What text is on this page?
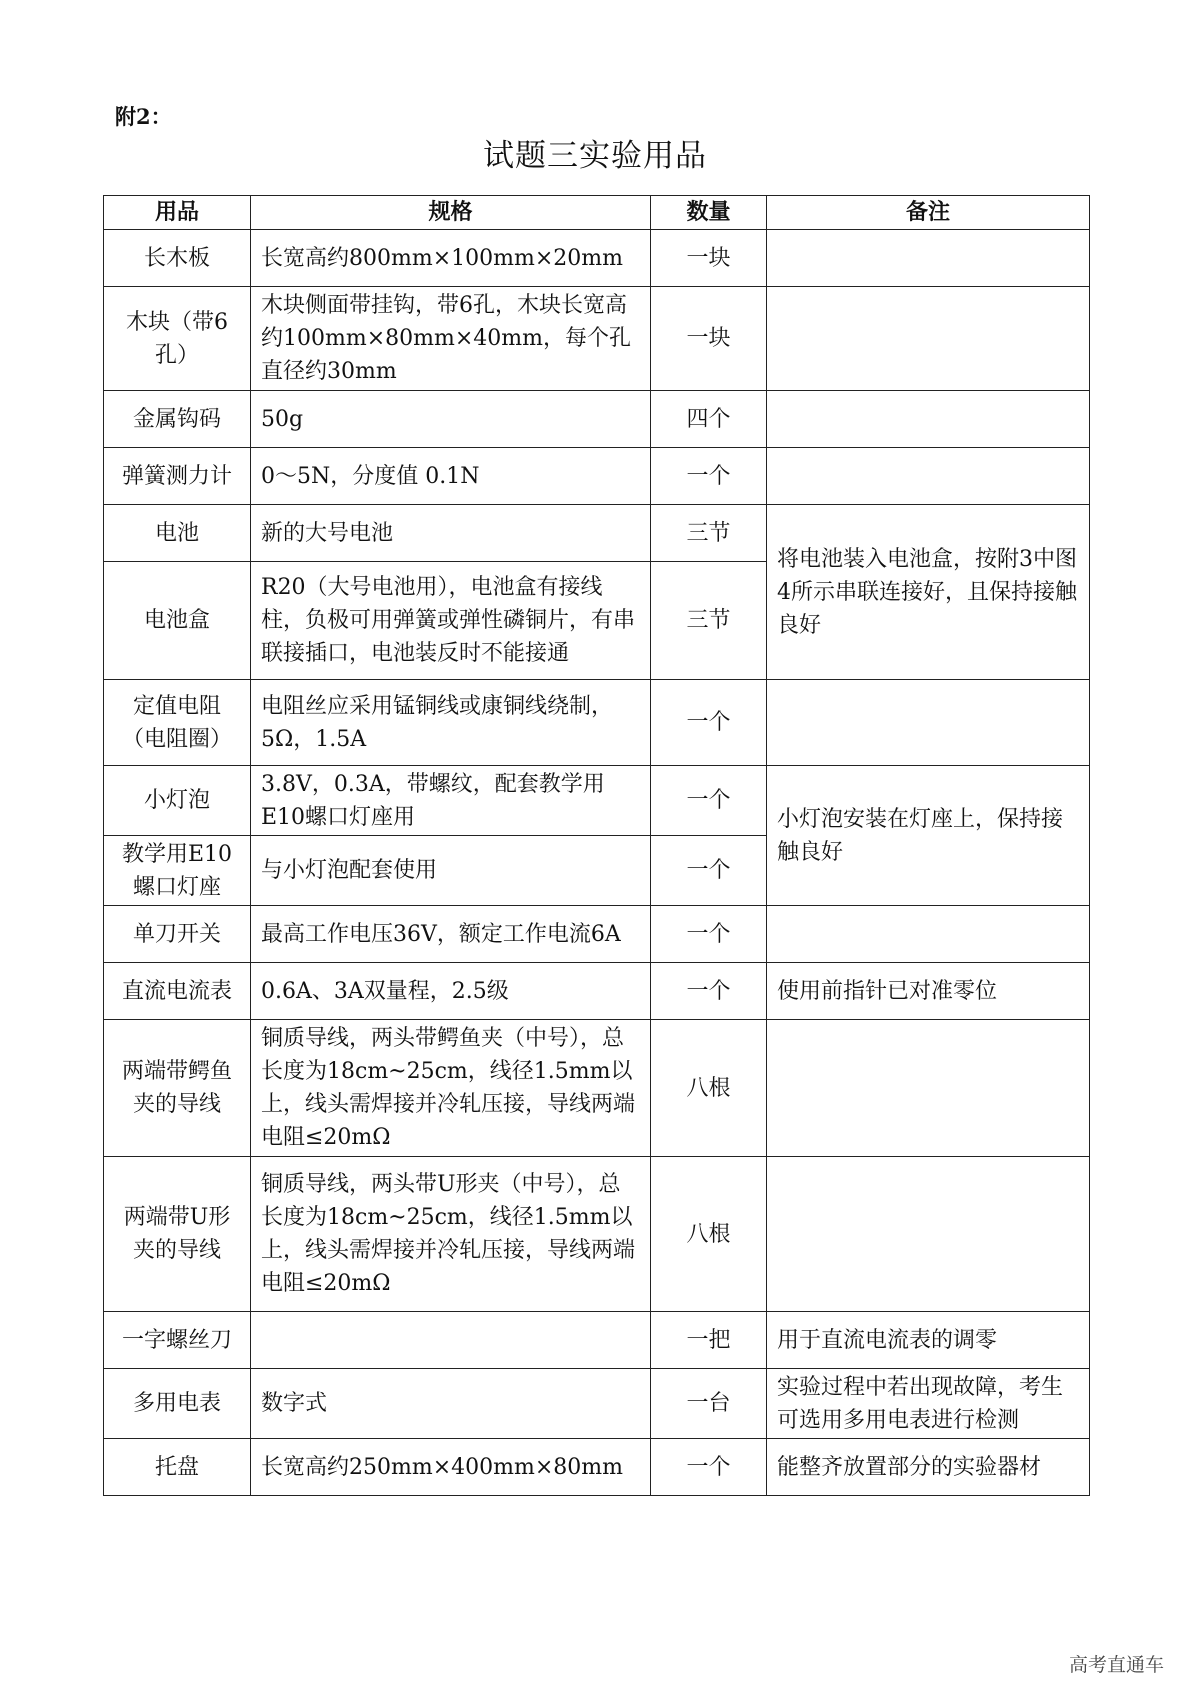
附2：
试题三实验用品
用品	规格	数量	备注
长木板	长宽高约800mm×100mm×20mm	一块	
木块（带6孔）	木块侧面带挂钩，带6孔，木块长宽高约100mm×80mm×40mm，每个孔直径约30mm	一块	
金属钩码	50g	四个	
弹簧测力计	0～5N，分度值 0.1N	一个	
电池	新的大号电池	三节	将电池装入电池盒，按附3中图4所示串联连接好，且保持接触良好
电池盒	R20（大号电池用），电池盒有接线柱，负极可用弹簧或弹性磷铜片，有串联接插口，电池装反时不能接通	三节	
定值电阻（电阻圈）	电阻丝应采用锰铜线或康铜线绕制，5Ω，1.5A	一个	
小灯泡	3.8V，0.3A，带螺纹，配套教学用E10螺口灯座用	一个	小灯泡安装在灯座上，保持接触良好
教学用E10螺口灯座	与小灯泡配套使用	一个	
单刀开关	最高工作电压36V，额定工作电流6A	一个	
直流电流表	0.6A、3A双量程，2.5级	一个	使用前指针已对准零位
两端带鳄鱼夹的导线	铜质导线，两头带鳄鱼夹（中号），总长度为18cm~25cm，线径1.5mm以上，线头需焊接并冷轧压接，导线两端电阻≤20mΩ	八根	
两端带U形夹的导线	铜质导线，两头带U形夹（中号），总长度为18cm~25cm，线径1.5mm以上，线头需焊接并冷轧压接，导线两端电阻≤20mΩ	八根	
一字螺丝刀		一把	用于直流电流表的调零
多用电表	数字式	一台	实验过程中若出现故障，考生可选用多用电表进行检测
托盘	长宽高约250mm×400mm×80mm	一个	能整齐放置部分的实验器材
高考直通车
